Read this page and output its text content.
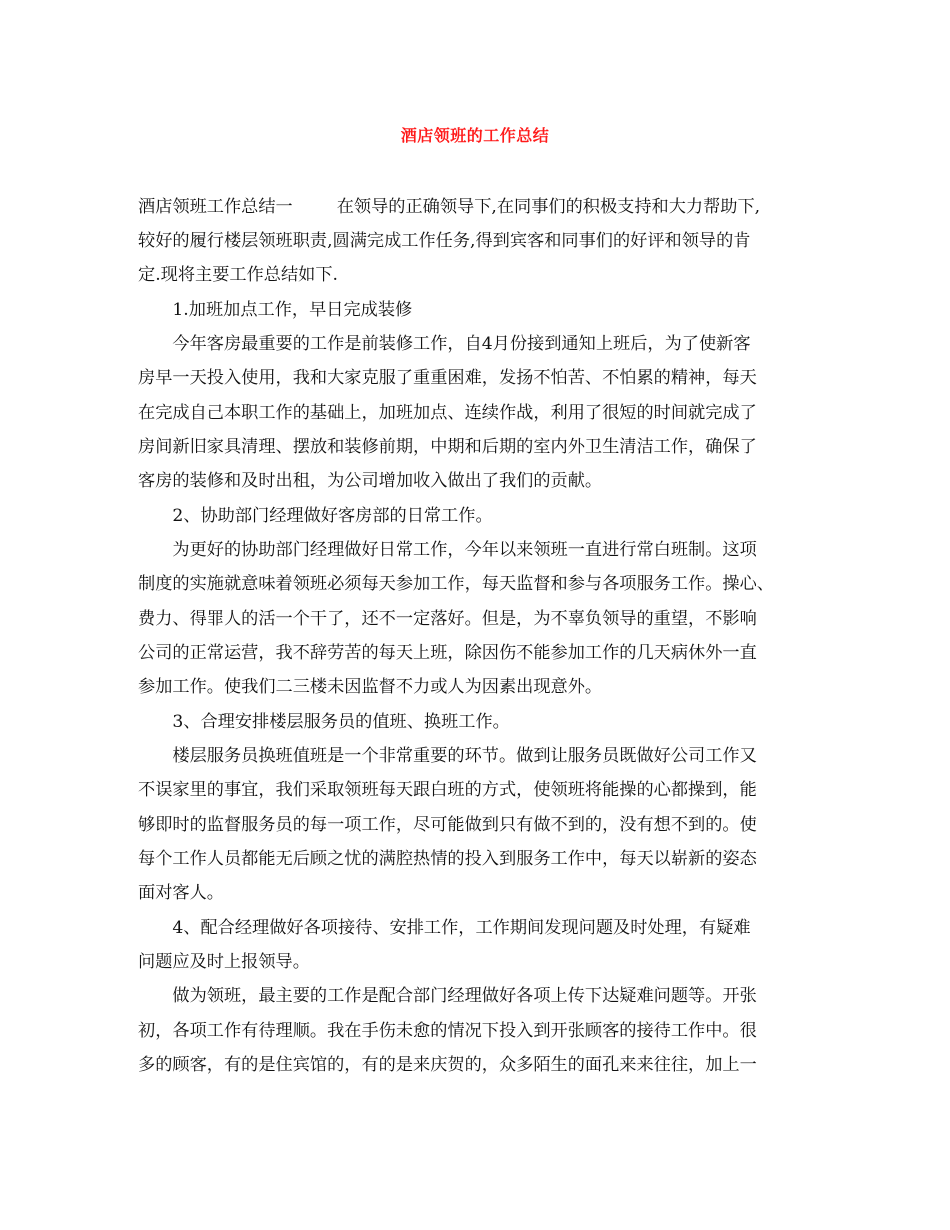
酒店领班的工作总结
酒店领班工作总结一	在领导的正确领导下,在同事们的积极支持和大力帮助下,
较好的履行楼层领班职责,圆满完成工作任务,得到宾客和同事们的好评和领导的肯
定.现将主要工作总结如下.
　　1.加班加点工作，早日完成装修
　　今年客房最重要的工作是前装修工作，自4月份接到通知上班后，为了使新客
房早一天投入使用，我和大家克服了重重困难，发扬不怕苦、不怕累的精神，每天
在完成自己本职工作的基础上，加班加点、连续作战，利用了很短的时间就完成了
房间新旧家具清理、摆放和装修前期，中期和后期的室内外卫生清洁工作，确保了
客房的装修和及时出租，为公司增加收入做出了我们的贡献。
　　2、协助部门经理做好客房部的日常工作。
　　为更好的协助部门经理做好日常工作，今年以来领班一直进行常白班制。这项
制度的实施就意味着领班必须每天参加工作，每天监督和参与各项服务工作。操心、
费力、得罪人的活一个干了，还不一定落好。但是，为不辜负领导的重望，不影响
公司的正常运营，我不辞劳苦的每天上班，除因伤不能参加工作的几天病休外一直
参加工作。使我们二三楼未因监督不力或人为因素出现意外。
　　3、合理安排楼层服务员的值班、换班工作。
　　楼层服务员换班值班是一个非常重要的环节。做到让服务员既做好公司工作又
不误家里的事宜，我们采取领班每天跟白班的方式，使领班将能操的心都操到，能
够即时的监督服务员的每一项工作，尽可能做到只有做不到的，没有想不到的。使
每个工作人员都能无后顾之忧的满腔热情的投入到服务工作中，每天以崭新的姿态
面对客人。
　　4、配合经理做好各项接待、安排工作，工作期间发现问题及时处理，有疑难
问题应及时上报领导。
　　做为领班，最主要的工作是配合部门经理做好各项上传下达疑难问题等。开张
初，各项工作有待理顺。我在手伤未愈的情况下投入到开张顾客的接待工作中。很
多的顾客，有的是住宾馆的，有的是来庆贺的，众多陌生的面孔来来往往，加上一
